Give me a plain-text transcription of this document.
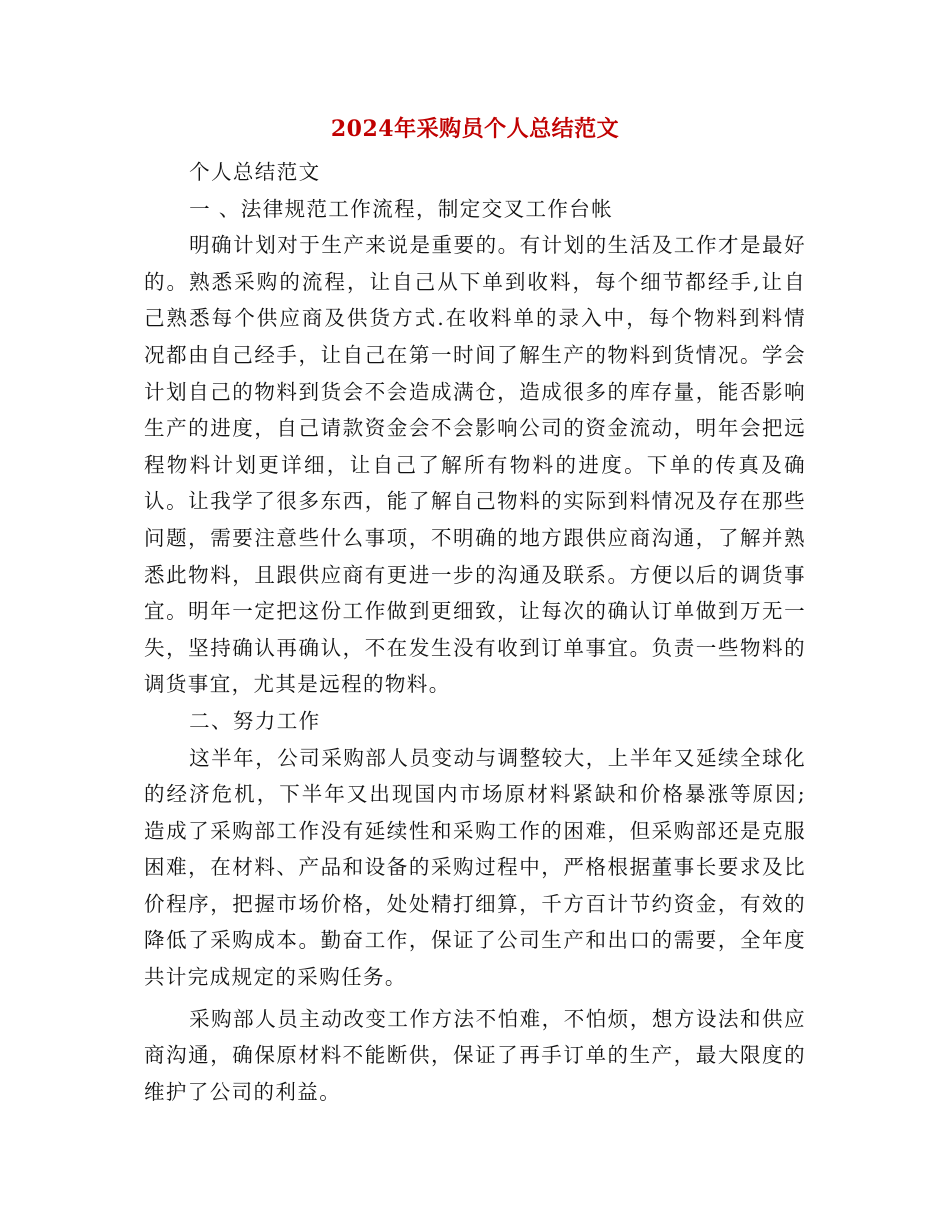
2024年采购员个人总结范文

个人总结范文

一 、法律规范工作流程，制定交叉工作台帐

明确计划对于生产来说是重要的。有计划的生活及工作才是最好的。熟悉采购的流程，让自己从下单到收料，每个细节都经手,让自己熟悉每个供应商及供货方式.在收料单的录入中，每个物料到料情况都由自己经手，让自己在第一时间了解生产的物料到货情况。学会计划自己的物料到货会不会造成满仓，造成很多的库存量，能否影响生产的进度，自己请款资金会不会影响公司的资金流动，明年会把远程物料计划更详细，让自己了解所有物料的进度。下单的传真及确认。让我学了很多东西，能了解自己物料的实际到料情况及存在那些问题，需要注意些什么事项，不明确的地方跟供应商沟通，了解并熟悉此物料，且跟供应商有更进一步的沟通及联系。方便以后的调货事宜。明年一定把这份工作做到更细致，让每次的确认订单做到万无一失，坚持确认再确认，不在发生没有收到订单事宜。负责一些物料的调货事宜，尤其是远程的物料。

二、努力工作

这半年，公司采购部人员变动与调整较大，上半年又延续全球化的经济危机，下半年又出现国内市场原材料紧缺和价格暴涨等原因;造成了采购部工作没有延续性和采购工作的困难，但采购部还是克服困难，在材料、产品和设备的采购过程中，严格根据董事长要求及比价程序，把握市场价格，处处精打细算，千方百计节约资金，有效的降低了采购成本。勤奋工作，保证了公司生产和出口的需要，全年度共计完成规定的采购任务。

采购部人员主动改变工作方法不怕难，不怕烦，想方设法和供应商沟通，确保原材料不能断供，保证了再手订单的生产，最大限度的维护了公司的利益。
